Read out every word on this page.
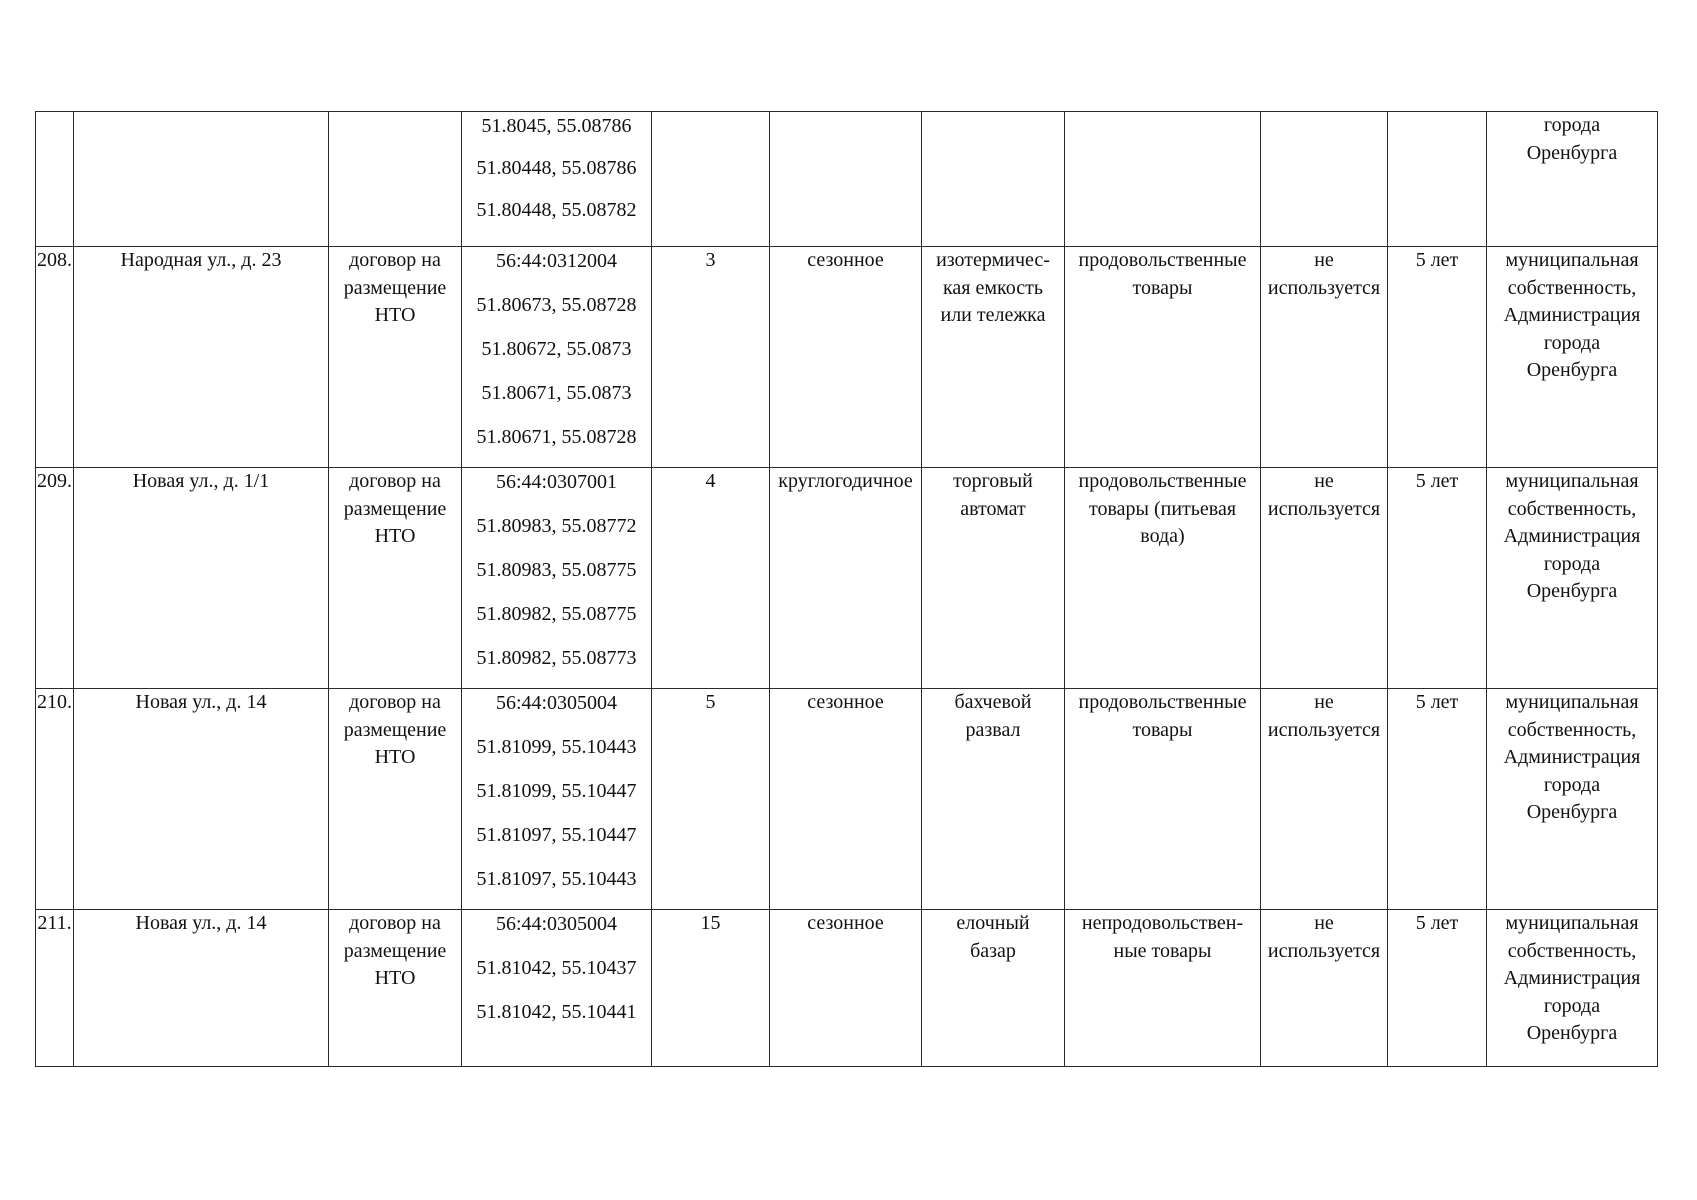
			51.8045, 55.08786
51.80448, 55.08786
51.80448, 55.08782							города
Оренбурга

208.	Народная ул., д. 23	договор на
размещение
НТО	56:44:0312004
51.80673, 55.08728
51.80672, 55.0873
51.80671, 55.0873
51.80671, 55.08728	3	сезонное	изотермичес-
кая емкость
или тележка	продовольственные
товары	не
используется	5 лет	муниципальная
собственность,
Администрация
города
Оренбурга

209.	Новая ул., д. 1/1	договор на
размещение
НТО	56:44:0307001
51.80983, 55.08772
51.80983, 55.08775
51.80982, 55.08775
51.80982, 55.08773	4	круглогодичное	торговый
автомат	продовольственные
товары (питьевая
вода)	не
используется	5 лет	муниципальная
собственность,
Администрация
города
Оренбурга

210.	Новая ул., д. 14	договор на
размещение
НТО	56:44:0305004
51.81099, 55.10443
51.81099, 55.10447
51.81097, 55.10447
51.81097, 55.10443	5	сезонное	бахчевой
развал	продовольственные
товары	не
используется	5 лет	муниципальная
собственность,
Администрация
города
Оренбурга

211.	Новая ул., д. 14	договор на
размещение
НТО	56:44:0305004
51.81042, 55.10437
51.81042, 55.10441	15	сезонное	елочный
базар	непродовольствен-
ные товары	не
используется	5 лет	муниципальная
собственность,
Администрация
города
Оренбурга
